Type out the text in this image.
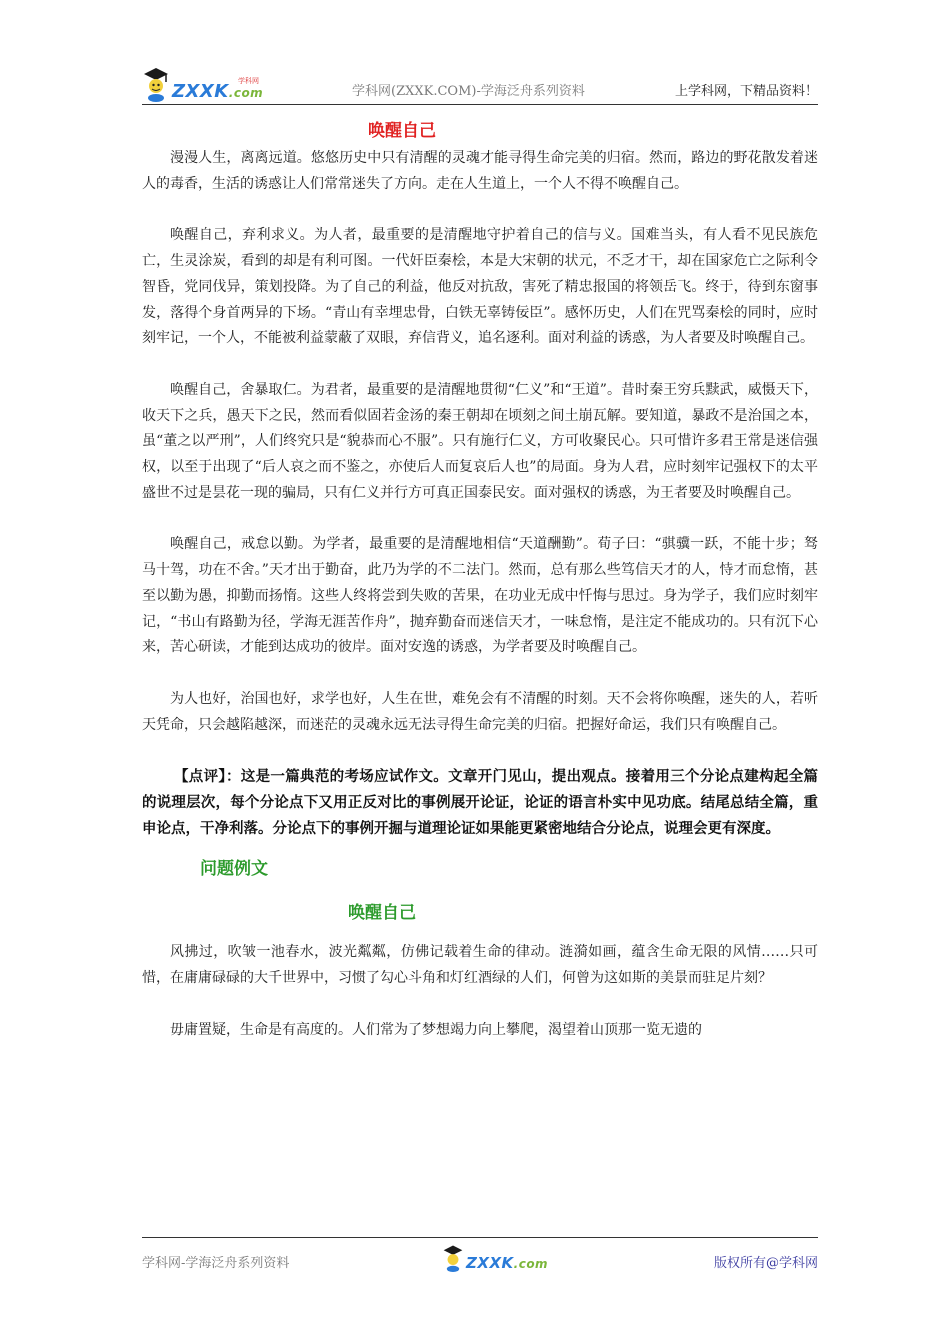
ZXXK.com
学科网
学科网(ZXXK.COM)-学海泛舟系列资料	上学科网，下精品资料！
唤醒自己

漫漫人生，离离远道。悠悠历史中只有清醒的灵魂才能寻得生命完美的归宿。然而，路边的野花散发着迷人的毒香，生活的诱惑让人们常常迷失了方向。走在人生道上，一个人不得不唤醒自己。

唤醒自己，弃利求义。为人者，最重要的是清醒地守护着自己的信与义。国难当头，有人看不见民族危亡，生灵涂炭，看到的却是有利可图。一代奸臣秦桧，本是大宋朝的状元，不乏才干，却在国家危亡之际利令智昏，党同伐异，策划投降。为了自己的利益，他反对抗敌，害死了精忠报国的将领岳飞。终于，待到东窗事发，落得个身首两异的下场。“青山有幸埋忠骨，白铁无辜铸佞臣”。感怀历史，人们在咒骂秦桧的同时，应时刻牢记，一个人，不能被利益蒙蔽了双眼，弃信背义，追名逐利。面对利益的诱惑，为人者要及时唤醒自己。

唤醒自己，舍暴取仁。为君者，最重要的是清醒地贯彻“仁义”和“王道”。昔时秦王穷兵黩武，威慑天下，收天下之兵，愚天下之民，然而看似固若金汤的秦王朝却在顷刻之间土崩瓦解。要知道，暴政不是治国之本，虽“董之以严刑”，人们终究只是“貌恭而心不服”。只有施行仁义，方可收聚民心。只可惜许多君王常是迷信强权，以至于出现了“后人哀之而不鉴之，亦使后人而复哀后人也”的局面。身为人君，应时刻牢记强权下的太平盛世不过是昙花一现的骗局，只有仁义并行方可真正国泰民安。面对强权的诱惑，为王者要及时唤醒自己。

唤醒自己，戒怠以勤。为学者，最重要的是清醒地相信“天道酬勤”。荀子曰：“骐骥一跃，不能十步；驽马十驾，功在不舍。”天才出于勤奋，此乃为学的不二法门。然而，总有那么些笃信天才的人，恃才而怠惰，甚至以勤为愚，抑勤而扬惰。这些人终将尝到失败的苦果，在功业无成中忏悔与思过。身为学子，我们应时刻牢记，“书山有路勤为径，学海无涯苦作舟”，抛弃勤奋而迷信天才，一味怠惰，是注定不能成功的。只有沉下心来，苦心研读，才能到达成功的彼岸。面对安逸的诱惑，为学者要及时唤醒自己。

为人也好，治国也好，求学也好，人生在世，难免会有不清醒的时刻。天不会将你唤醒，迷失的人，若听天凭命，只会越陷越深，而迷茫的灵魂永远无法寻得生命完美的归宿。把握好命运，我们只有唤醒自己。

【点评】：这是一篇典范的考场应试作文。文章开门见山，提出观点。接着用三个分论点建构起全篇的说理层次，每个分论点下又用正反对比的事例展开论证，论证的语言朴实中见功底。结尾总结全篇，重申论点，干净利落。分论点下的事例开掘与道理论证如果能更紧密地结合分论点，说理会更有深度。

问题例文
唤醒自己

风拂过，吹皱一池春水，波光粼粼，仿佛记载着生命的律动。涟漪如画，蕴含生命无限的风情……只可惜，在庸庸碌碌的大千世界中，习惯了勾心斗角和灯红酒绿的人们，何曾为这如斯的美景而驻足片刻？

毋庸置疑，生命是有高度的。人们常为了梦想竭力向上攀爬，渴望着山顶那一览无遗的

学科网-学海泛舟系列资料	ZXXK.com	版权所有@学科网
